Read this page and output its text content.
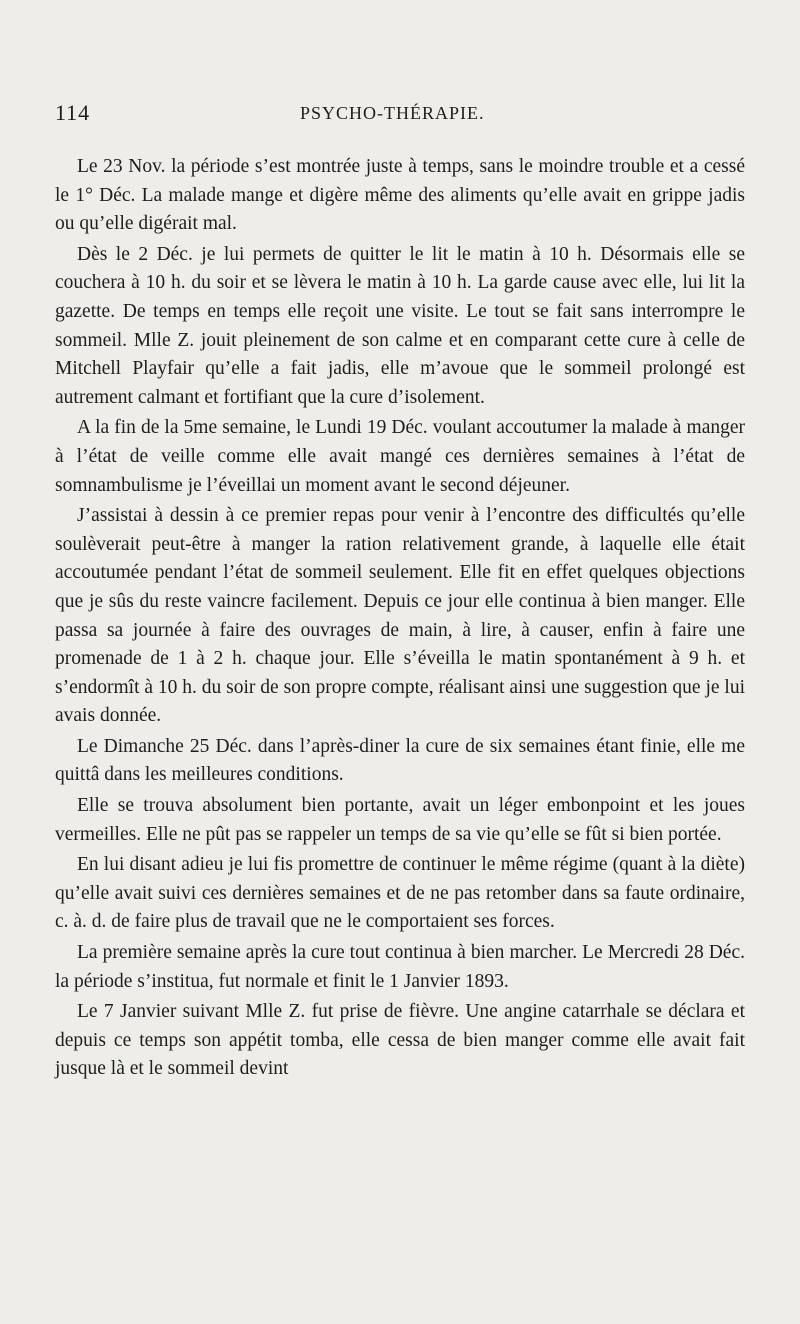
114	PSYCHO-THÉRAPIE.

Le 23 Nov. la période s’est montrée juste à temps, sans le moindre trouble et a cessé le 1° Déc. La malade mange et digère même des aliments qu’elle avait en grippe jadis ou qu’elle digérait mal.

Dès le 2 Déc. je lui permets de quitter le lit le matin à 10 h. Désormais elle se couchera à 10 h. du soir et se lèvera le matin à 10 h. La garde cause avec elle, lui lit la gazette. De temps en temps elle reçoit une visite. Le tout se fait sans interrompre le sommeil. Mlle Z. jouit pleinement de son calme et en comparant cette cure à celle de Mitchell Playfair qu’elle a fait jadis, elle m’avoue que le sommeil prolongé est autrement calmant et fortifiant que la cure d’isolement.

A la fin de la 5me semaine, le Lundi 19 Déc. voulant accoutumer la malade à manger à l’état de veille comme elle avait mangé ces dernières semaines à l’état de somnambulisme je l’éveillai un moment avant le second déjeuner.

J’assistai à dessin à ce premier repas pour venir à l’encontre des difficultés qu’elle soulèverait peut-être à manger la ration relativement grande, à laquelle elle était accoutumée pendant l’état de sommeil seulement. Elle fit en effet quelques objections que je sûs du reste vaincre facilement. Depuis ce jour elle continua à bien manger. Elle passa sa journée à faire des ouvrages de main, à lire, à causer, enfin à faire une promenade de 1 à 2 h. chaque jour. Elle s’éveilla le matin spontanément à 9 h. et s’endormît à 10 h. du soir de son propre compte, réalisant ainsi une suggestion que je lui avais donnée.

Le Dimanche 25 Déc. dans l’après-diner la cure de six semaines étant finie, elle me quittâ dans les meilleures conditions.

Elle se trouva absolument bien portante, avait un léger embonpoint et les joues vermeilles. Elle ne pût pas se rappeler un temps de sa vie qu’elle se fût si bien portée.

En lui disant adieu je lui fis promettre de continuer le même régime (quant à la diète) qu’elle avait suivi ces dernières semaines et de ne pas retomber dans sa faute ordinaire, c. à. d. de faire plus de travail que ne le comportaient ses forces.

La première semaine après la cure tout continua à bien marcher. Le Mercredi 28 Déc. la période s’institua, fut normale et finit le 1 Janvier 1893.

Le 7 Janvier suivant Mlle Z. fut prise de fièvre. Une angine catarrhale se déclara et depuis ce temps son appétit tomba, elle cessa de bien manger comme elle avait fait jusque là et le sommeil devint
